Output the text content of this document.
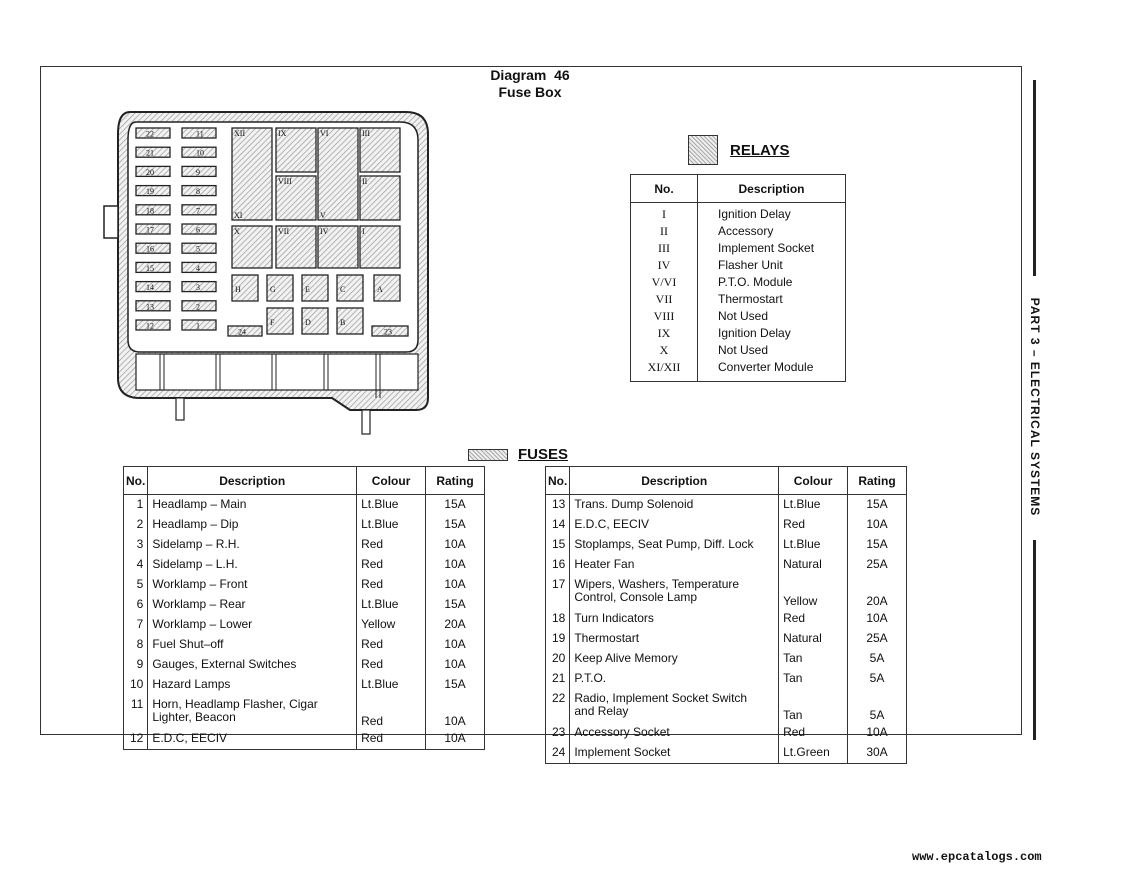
Diagram  46
Fuse Box
22
21
20
19
18
17
16
15
14
13
12
11
10
9
8
7
6
5
4
3
2
1
24	23
XII	IX	VI	III
XI
VIII
V
II
X	VII	IV	I
H	G	E	C	A
F	D	B
RELAYS
No.	Description
I	Ignition Delay
II	Accessory
III	Implement Socket
IV	Flasher Unit
V/VI	P.T.O. Module
VII	Thermostart
VIII	Not Used
IX	Ignition Delay
X	Not Used
XI/XII	Converter Module
FUSES
No.	Description	Colour	Rating
1	Headlamp – Main	Lt.Blue	15A
2	Headlamp – Dip	Lt.Blue	15A
3	Sidelamp – R.H.	Red	10A
4	Sidelamp – L.H.	Red	10A
5	Worklamp – Front	Red	10A
6	Worklamp – Rear	Lt.Blue	15A
7	Worklamp – Lower	Yellow	20A
8	Fuel Shut–off	Red	10A
9	Gauges, External Switches	Red	10A
10	Hazard Lamps	Lt.Blue	15A
11	Horn, Headlamp Flasher, Cigar Lighter, Beacon	Red	10A
12	E.D.C, EECIV	Red	10A
No.	Description	Colour	Rating
13	Trans. Dump Solenoid	Lt.Blue	15A
14	E.D.C, EECIV	Red	10A
15	Stoplamps, Seat Pump, Diff. Lock	Lt.Blue	15A
16	Heater Fan	Natural	25A
17	Wipers, Washers, Temperature Control, Console Lamp	Yellow	20A
18	Turn Indicators	Red	10A
19	Thermostart	Natural	25A
20	Keep Alive Memory	Tan	5A
21	P.T.O.	Tan	5A
22	Radio, Implement Socket Switch and Relay	Tan	5A
23	Accessory Socket	Red	10A
24	Implement Socket	Lt.Green	30A
PART 3 – ELECTRICAL SYSTEMS
www.epcatalogs.com
